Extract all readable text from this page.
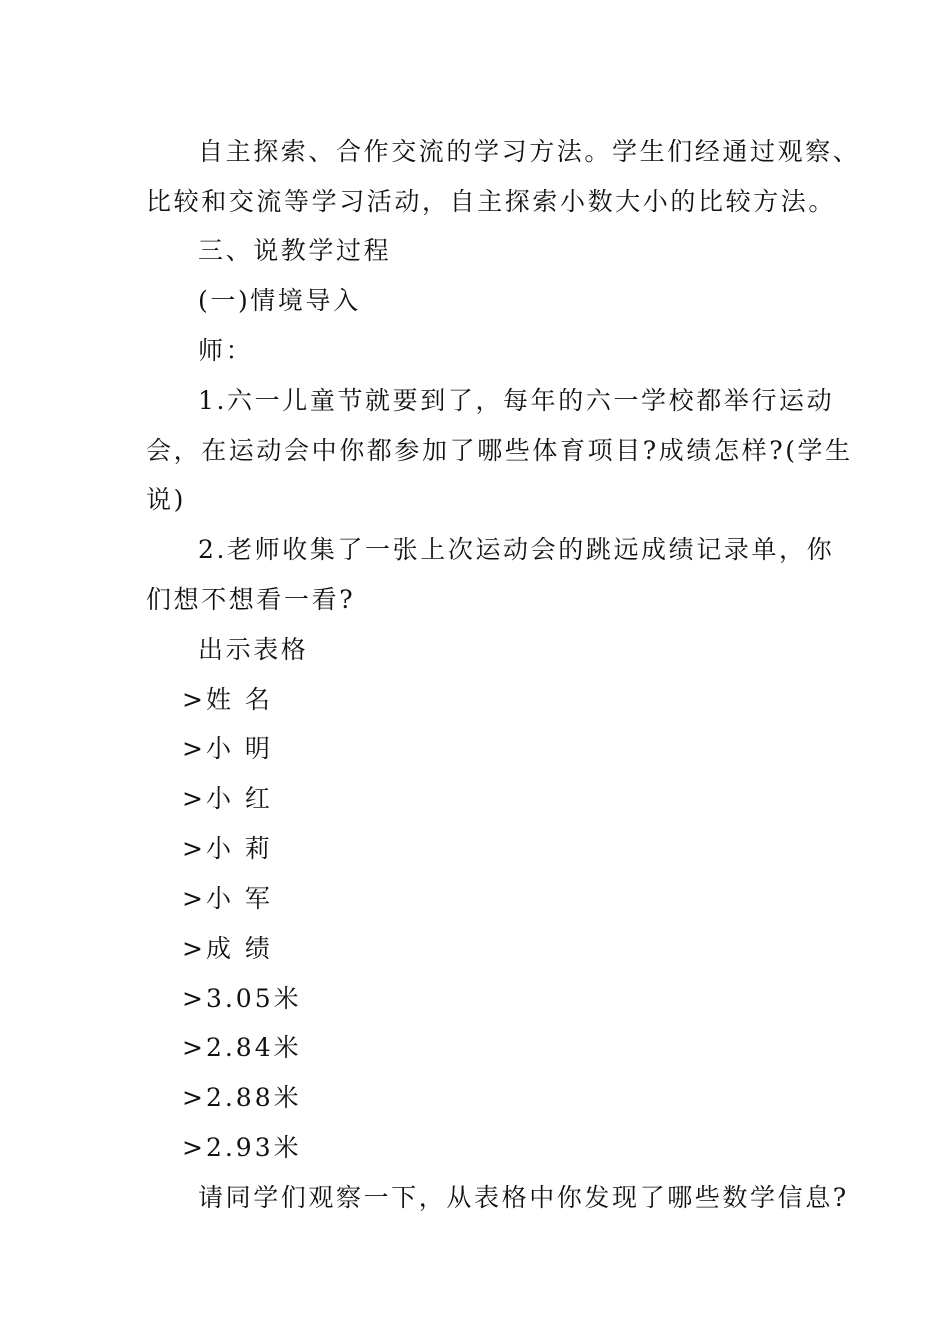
自主探索、合作交流的学习方法。学生们经通过观察、
比较和交流等学习活动，自主探索小数大小的比较方法。
三、说教学过程
(一)情境导入
师：
1.六一儿童节就要到了，每年的六一学校都举行运动
会，在运动会中你都参加了哪些体育项目?成绩怎样?(学生
说)
2.老师收集了一张上次运动会的跳远成绩记录单，你
们想不想看一看?
出示表格
>姓 名
>小 明
>小 红
>小 莉
>小 军
>成 绩
>3.05米
>2.84米
>2.88米
>2.93米
请同学们观察一下，从表格中你发现了哪些数学信息?
